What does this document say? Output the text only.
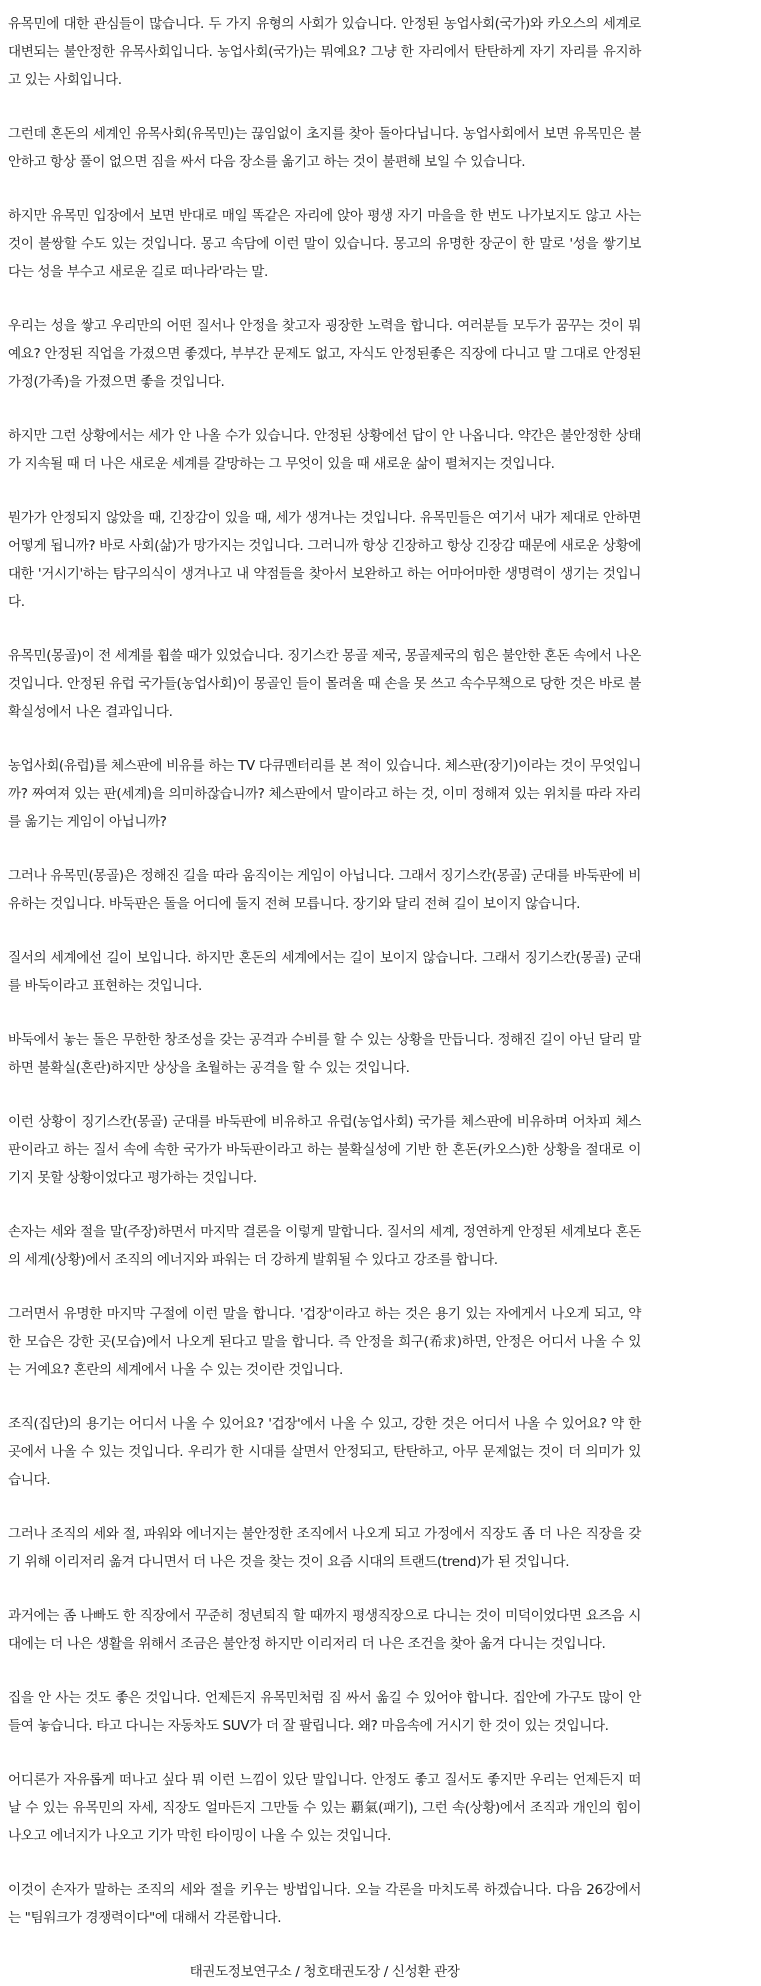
유목민에 대한 관심들이 많습니다. 두 가지 유형의 사회가 있습니다. 안정된 농업사회(국가)와 카오스의 세계로 대변되는 불안정한 유목사회입니다. 농업사회(국가)는 뭐예요? 그냥 한 자리에서 탄탄하게 자기 자리를 유지하고 있는 사회입니다.

그런데 혼돈의 세계인 유목사회(유목민)는 끊임없이 초지를 찾아 돌아다닙니다. 농업사회에서 보면 유목민은 불안하고 항상 풀이 없으면 짐을 싸서 다음 장소를 옮기고 하는 것이 불편해 보일 수 있습니다.

하지만 유목민 입장에서 보면 반대로 매일 똑같은 자리에 앉아 평생 자기 마을을 한 번도 나가보지도 않고 사는 것이 불쌍할 수도 있는 것입니다. 몽고 속담에 이런 말이 있습니다. 몽고의 유명한 장군이 한 말로 '성을 쌓기보다는 성을 부수고 새로운 길로 떠나라'라는 말.

우리는 성을 쌓고 우리만의 어떤 질서나 안정을 찾고자 굉장한 노력을 합니다. 여러분들 모두가 꿈꾸는 것이 뭐예요? 안정된 직업을 가졌으면 좋겠다, 부부간 문제도 없고, 자식도 안정된좋은 직장에 다니고 말 그대로 안정된 가정(가족)을 가졌으면 좋을 것입니다.

하지만 그런 상황에서는 세가 안 나올 수가 있습니다. 안정된 상황에선 답이 안 나옵니다. 약간은 불안정한 상태가 지속될 때 더 나은 새로운 세계를 갈망하는 그 무엇이 있을 때 새로운 삶이 펼쳐지는 것입니다.

뭔가가 안정되지 않았을 때, 긴장감이 있을 때, 세가 생겨나는 것입니다. 유목민들은 여기서 내가 제대로 안하면 어떻게 됩니까? 바로 사회(삶)가 망가지는 것입니다. 그러니까 항상 긴장하고 항상 긴장감 때문에 새로운 상황에 대한 '거시기'하는 탐구의식이 생겨나고 내 약점들을 찾아서 보완하고 하는 어마어마한 생명력이 생기는 것입니다.

유목민(몽골)이 전 세계를 휩쓸 때가 있었습니다. 징기스칸 몽골 제국, 몽골제국의 힘은 불안한 혼돈 속에서 나온 것입니다. 안정된 유럽 국가들(농업사회)이 몽골인 들이 몰려올 때 손을 못 쓰고 속수무책으로 당한 것은 바로 불확실성에서 나온 결과입니다.

농업사회(유럽)를 체스판에 비유를 하는 TV 다큐멘터리를 본 적이 있습니다. 체스판(장기)이라는 것이 무엇입니까? 짜여져 있는 판(세계)을 의미하잖습니까? 체스판에서 말이라고 하는 것, 이미 정해져 있는 위치를 따라 자리를 옮기는 게임이 아닙니까?

그러나 유목민(몽골)은 정해진 길을 따라 움직이는 게임이 아닙니다. 그래서 징기스칸(몽골) 군대를 바둑판에 비유하는 것입니다. 바둑판은 돌을 어디에 둘지 전혀 모릅니다. 장기와 달리 전혀 길이 보이지 않습니다.

질서의 세계에선 길이 보입니다. 하지만 혼돈의 세계에서는 길이 보이지 않습니다. 그래서 징기스칸(몽골) 군대를 바둑이라고 표현하는 것입니다.

바둑에서 놓는 돌은 무한한 창조성을 갖는 공격과 수비를 할 수 있는 상황을 만듭니다. 정해진 길이 아닌 달리 말하면 불확실(혼란)하지만 상상을 초월하는 공격을 할 수 있는 것입니다.

이런 상황이 징기스칸(몽골) 군대를 바둑판에 비유하고 유럽(농업사회) 국가를 체스판에 비유하며 어차피 체스판이라고 하는 질서 속에 속한 국가가 바둑판이라고 하는 불확실성에 기반 한 혼돈(카오스)한 상황을 절대로 이기지 못할 상황이었다고 평가하는 것입니다.

손자는 세와 절을 말(주장)하면서 마지막 결론을 이렇게 말합니다. 질서의 세계, 정연하게 안정된 세계보다 혼돈의 세계(상황)에서 조직의 에너지와 파워는 더 강하게 발휘될 수 있다고 강조를 합니다.

그러면서 유명한 마지막 구절에 이런 말을 합니다. '겁장'이라고 하는 것은 용기 있는 자에게서 나오게 되고, 약한 모습은 강한 곳(모습)에서 나오게 된다고 말을 합니다. 즉 안정을 희구(希求)하면, 안정은 어디서 나올 수 있는 거예요? 혼란의 세계에서 나올 수 있는 것이란 것입니다.

조직(집단)의 용기는 어디서 나올 수 있어요? '겁장'에서 나올 수 있고, 강한 것은 어디서 나올 수 있어요? 약 한 곳에서 나올 수 있는 것입니다. 우리가 한 시대를 살면서 안정되고, 탄탄하고, 아무 문제없는 것이 더 의미가 있습니다.

그러나 조직의 세와 절, 파워와 에너지는 불안정한 조직에서 나오게 되고 가정에서 직장도 좀 더 나은 직장을 갖기 위해 이리저리 옮겨 다니면서 더 나은 것을 찾는 것이 요즘 시대의 트랜드(trend)가 된 것입니다.

과거에는 좀 나빠도 한 직장에서 꾸준히 정년퇴직 할 때까지 평생직장으로 다니는 것이 미덕이었다면 요즈음 시대에는 더 나은 생활을 위해서 조금은 불안정 하지만 이리저리 더 나은 조건을 찾아 옮겨 다니는 것입니다.

집을 안 사는 것도 좋은 것입니다. 언제든지 유목민처럼 짐 싸서 옮길 수 있어야 합니다. 집안에 가구도 많이 안 들여 놓습니다. 타고 다니는 자동차도 SUV가 더 잘 팔립니다. 왜? 마음속에 거시기 한 것이 있는 것입니다.

어디론가 자유롭게 떠나고 싶다 뭐 이런 느낌이 있단 말입니다. 안정도 좋고 질서도 좋지만 우리는 언제든지 떠날 수 있는 유목민의 자세, 직장도 얼마든지 그만둘 수 있는 覇氣(패기), 그런 속(상황)에서 조직과 개인의 힘이 나오고 에너지가 나오고 기가 막힌 타이밍이 나올 수 있는 것입니다.

이것이 손자가 말하는 조직의 세와 절을 키우는 방법입니다. 오늘 각론을 마치도록 하겠습니다. 다음 26강에서는 "팀워크가 경쟁력이다"에 대해서 각론합니다.

태권도정보연구소 / 청호태권도장 / 신성환 관장
